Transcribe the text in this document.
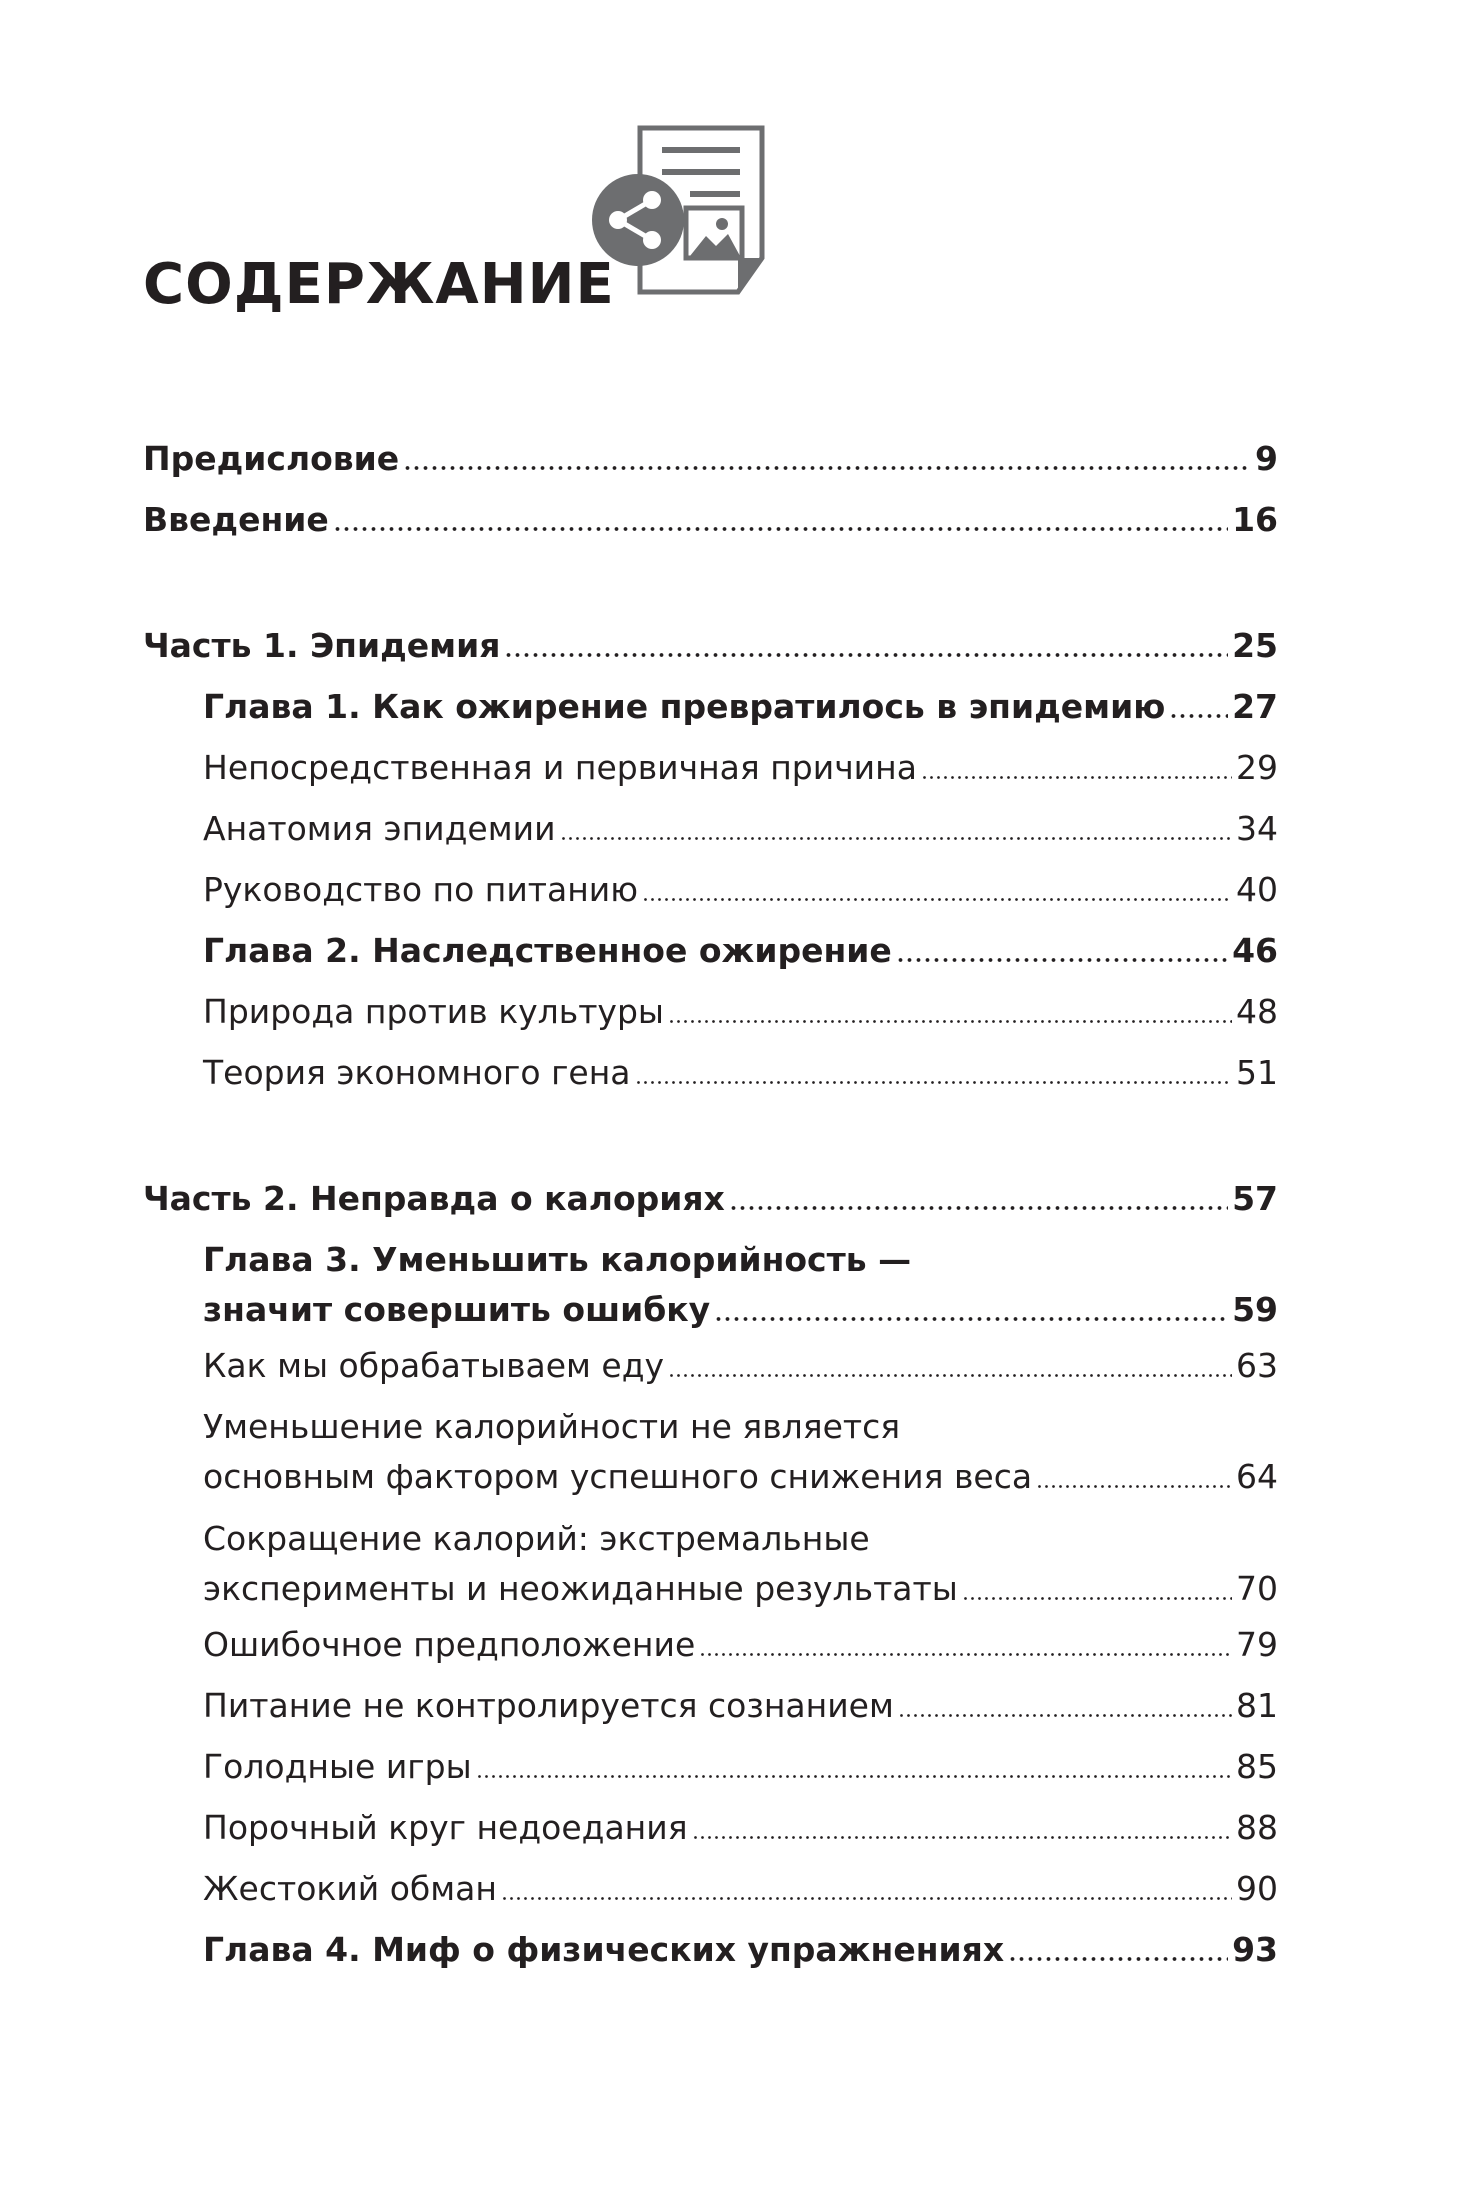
СОДЕРЖАНИЕ
Предисловие	9
Введение	16
Часть 1. Эпидемия	25
Глава 1. Как ожирение превратилось в эпидемию 27
Непосредственная и первичная причина	29
Анатомия эпидемии	34
Руководство по питанию	40
Глава 2. Наследственное ожирение	46
Природа против культуры	48
Теория экономного гена	51
Часть 2. Неправда о калориях	57
Глава 3. Уменьшить калорийность —
значит совершить ошибку	59
Как мы обрабатываем еду	63
Уменьшение калорийности не является
основным фактором успешного снижения веса	64
Сокращение калорий: экстремальные
эксперименты и неожиданные результаты	70
Ошибочное предположение	79
Питание не контролируется сознанием	81
Голодные игры	85
Порочный круг недоедания	88
Жестокий обман	90
Глава 4. Миф о физических упражнениях	93
